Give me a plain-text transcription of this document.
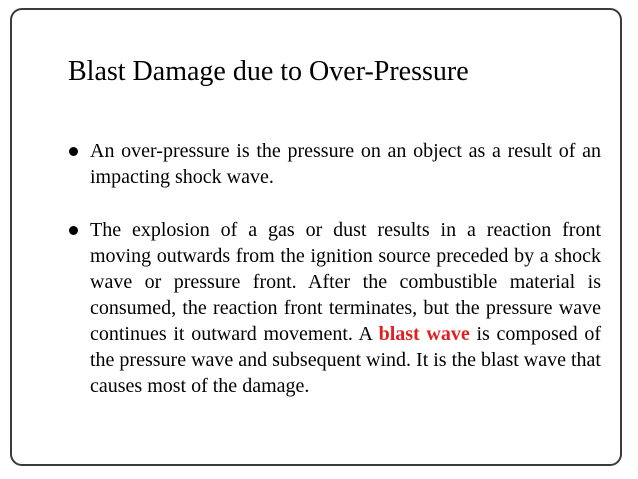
Blast Damage due to Over-Pressure
An over-pressure is the pressure on an object as a result of an impacting shock wave.
The explosion of a gas or dust results in a reaction front moving outwards from the ignition source preceded by a shock wave or pressure front. After the combustible material is consumed, the reaction front terminates, but the pressure wave continues it outward movement. A blast wave is composed of the pressure wave and subsequent wind. It is the blast wave that causes most of the damage.
